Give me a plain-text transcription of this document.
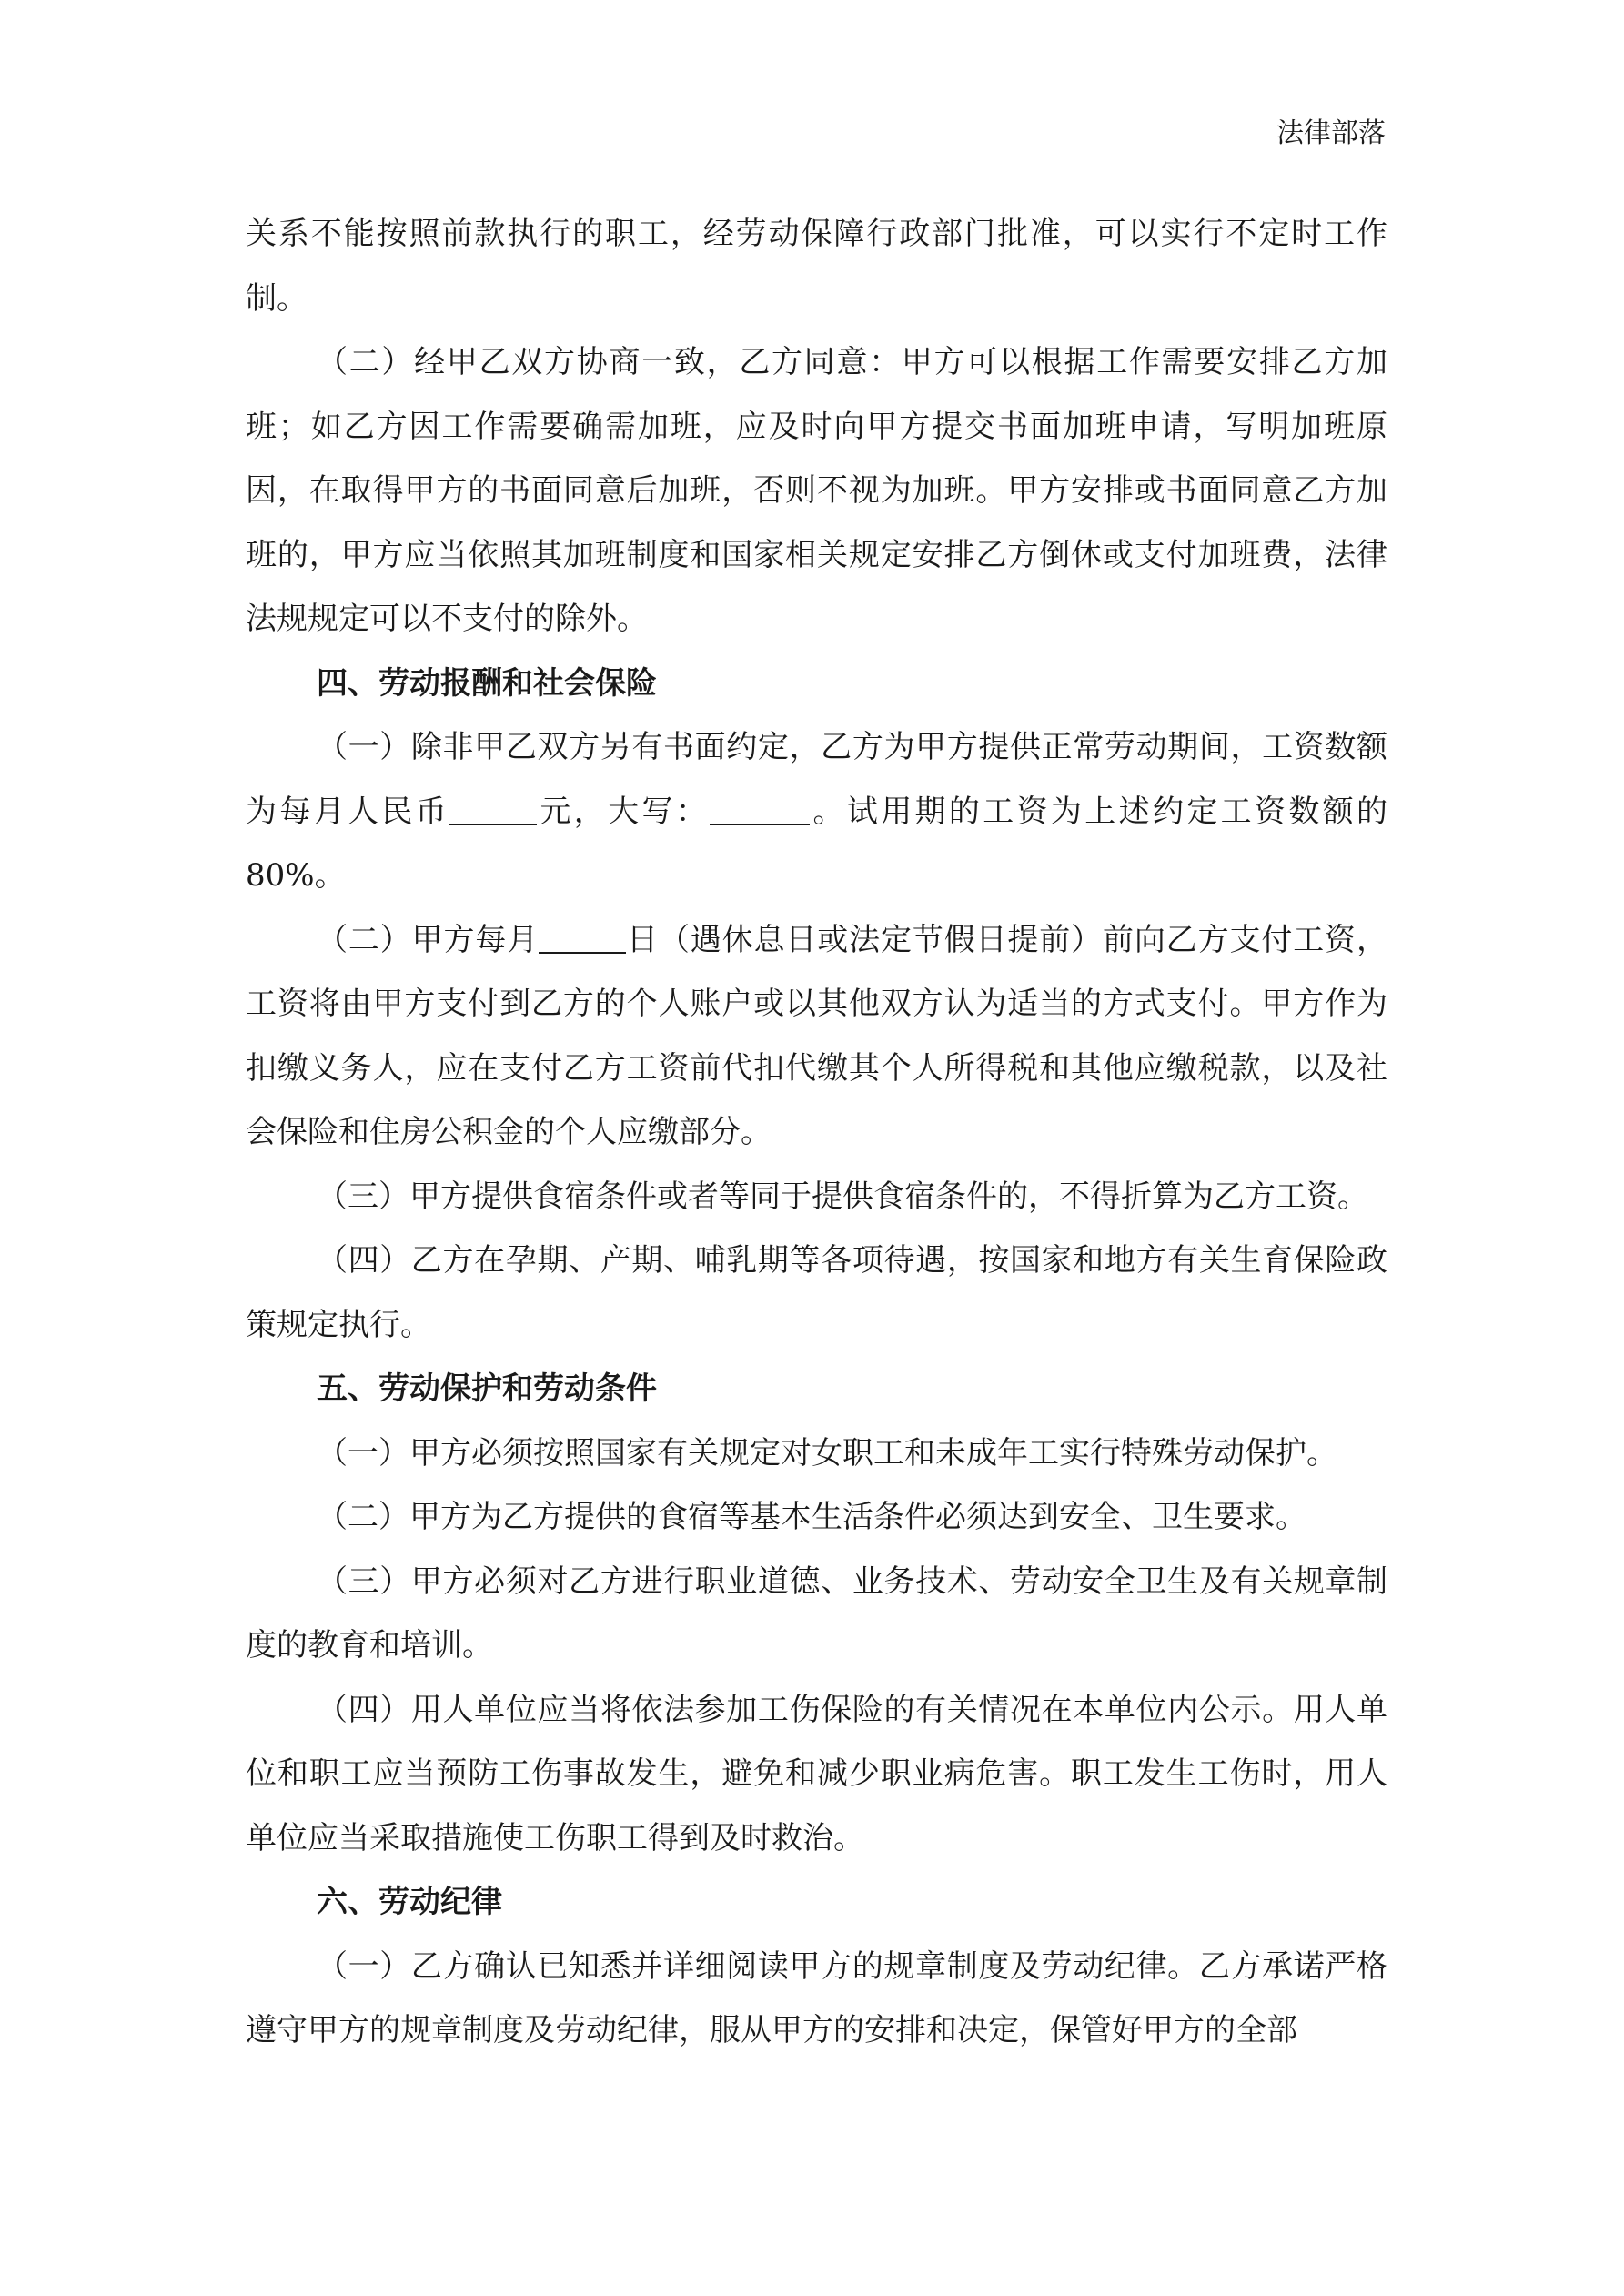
法律部落

关系不能按照前款执行的职工，经劳动保障行政部门批准，可以实行不定时工作制。

（二）经甲乙双方协商一致，乙方同意：甲方可以根据工作需要安排乙方加班；如乙方因工作需要确需加班，应及时向甲方提交书面加班申请，写明加班原因，在取得甲方的书面同意后加班，否则不视为加班。甲方安排或书面同意乙方加班的，甲方应当依照其加班制度和国家相关规定安排乙方倒休或支付加班费，法律法规规定可以不支付的除外。

四、劳动报酬和社会保险

（一）除非甲乙双方另有书面约定，乙方为甲方提供正常劳动期间，工资数额为每月人民币	元，大写：	。试用期的工资为上述约定工资数额的 80%。

（二）甲方每月	日（遇休息日或法定节假日提前）前向乙方支付工资，工资将由甲方支付到乙方的个人账户或以其他双方认为适当的方式支付。甲方作为扣缴义务人，应在支付乙方工资前代扣代缴其个人所得税和其他应缴税款，以及社会保险和住房公积金的个人应缴部分。

（三）甲方提供食宿条件或者等同于提供食宿条件的，不得折算为乙方工资。

（四）乙方在孕期、产期、哺乳期等各项待遇，按国家和地方有关生育保险政策规定执行。

五、劳动保护和劳动条件

（一）甲方必须按照国家有关规定对女职工和未成年工实行特殊劳动保护。

（二）甲方为乙方提供的食宿等基本生活条件必须达到安全、卫生要求。

（三）甲方必须对乙方进行职业道德、业务技术、劳动安全卫生及有关规章制度的教育和培训。

（四）用人单位应当将依法参加工伤保险的有关情况在本单位内公示。用人单位和职工应当预防工伤事故发生，避免和减少职业病危害。职工发生工伤时，用人单位应当采取措施使工伤职工得到及时救治。

六、劳动纪律

（一）乙方确认已知悉并详细阅读甲方的规章制度及劳动纪律。乙方承诺严格遵守甲方的规章制度及劳动纪律，服从甲方的安排和决定，保管好甲方的全部
